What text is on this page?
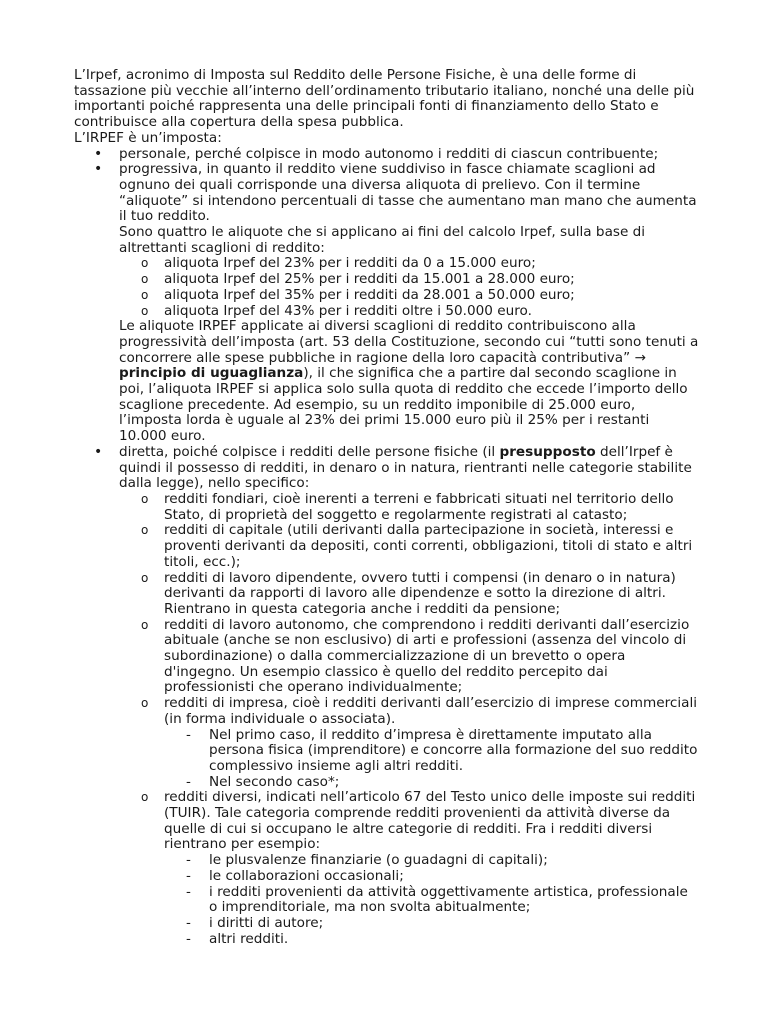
L’Irpef, acronimo di Imposta sul Reddito delle Persone Fisiche, è una delle forme di tassazione più vecchie all’interno dell’ordinamento tributario italiano, nonché una delle più importanti poiché rappresenta una delle principali fonti di finanziamento dello Stato e contribuisce alla copertura della spesa pubblica.

L’IRPEF è un’imposta:

• personale, perché colpisce in modo autonomo i redditi di ciascun contribuente;
• progressiva, in quanto il reddito viene suddiviso in fasce chiamate scaglioni ad ognuno dei quali corrisponde una diversa aliquota di prelievo. Con il termine “aliquote” si intendono percentuali di tasse che aumentano man mano che aumenta il tuo reddito.
Sono quattro le aliquote che si applicano ai fini del calcolo Irpef, sulla base di altrettanti scaglioni di reddito:
o aliquota Irpef del 23% per i redditi da 0 a 15.000 euro;
o aliquota Irpef del 25% per i redditi da 15.001 a 28.000 euro;
o aliquota Irpef del 35% per i redditi da 28.001 a 50.000 euro;
o aliquota Irpef del 43% per i redditi oltre i 50.000 euro.
Le aliquote IRPEF applicate ai diversi scaglioni di reddito contribuiscono alla progressività dell’imposta (art. 53 della Costituzione, secondo cui “tutti sono tenuti a concorrere alle spese pubbliche in ragione della loro capacità contributiva” → principio di uguaglianza), il che significa che a partire dal secondo scaglione in poi, l’aliquota IRPEF si applica solo sulla quota di reddito che eccede l’importo dello scaglione precedente. Ad esempio, su un reddito imponibile di 25.000 euro, l’imposta lorda è uguale al 23% dei primi 15.000 euro più il 25% per i restanti 10.000 euro.
• diretta, poiché colpisce i redditi delle persone fisiche (il presupposto dell’Irpef è quindi il possesso di redditi, in denaro o in natura, rientranti nelle categorie stabilite dalla legge), nello specifico:
o redditi fondiari, cioè inerenti a terreni e fabbricati situati nel territorio dello Stato, di proprietà del soggetto e regolarmente registrati al catasto;
o redditi di capitale (utili derivanti dalla partecipazione in società, interessi e proventi derivanti da depositi, conti correnti, obbligazioni, titoli di stato e altri titoli, ecc.);
o redditi di lavoro dipendente, ovvero tutti i compensi (in denaro o in natura) derivanti da rapporti di lavoro alle dipendenze e sotto la direzione di altri. Rientrano in questa categoria anche i redditi da pensione;
o redditi di lavoro autonomo, che comprendono i redditi derivanti dall’esercizio abituale (anche se non esclusivo) di arti e professioni (assenza del vincolo di subordinazione) o dalla commercializzazione di un brevetto o opera d'ingegno. Un esempio classico è quello del reddito percepito dai professionisti che operano individualmente;
o redditi di impresa, cioè i redditi derivanti dall’esercizio di imprese commerciali (in forma individuale o associata).
- Nel primo caso, il reddito d’impresa è direttamente imputato alla persona fisica (imprenditore) e concorre alla formazione del suo reddito complessivo insieme agli altri redditi.
- Nel secondo caso*;
o redditi diversi, indicati nell’articolo 67 del Testo unico delle imposte sui redditi (TUIR). Tale categoria comprende redditi provenienti da attività diverse da quelle di cui si occupano le altre categorie di redditi. Fra i redditi diversi rientrano per esempio:
- le plusvalenze finanziarie (o guadagni di capitali);
- le collaborazioni occasionali;
- i redditi provenienti da attività oggettivamente artistica, professionale o imprenditoriale, ma non svolta abitualmente;
- i diritti di autore;
- altri redditi.
